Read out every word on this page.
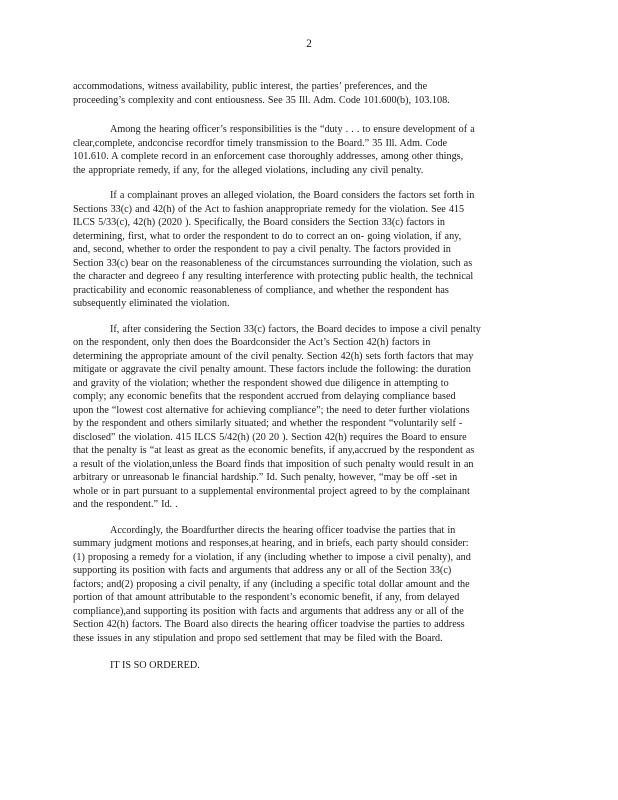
2

accommodations, witness availability, public interest, the parties’ preferences, and the
proceeding’s complexity and cont entiousness. See 35 Ill. Adm. Code 101.600(b), 103.108.

Among the hearing officer’s responsibilities is the “duty . . . to ensure development of a
clear,complete, andconcise recordfor timely transmission to the Board.” 35 Ill. Adm. Code
101.610. A complete record in an enforcement case thoroughly addresses, among other things,
the appropriate remedy, if any, for the alleged violations, including any civil penalty.

If a complainant proves an alleged violation, the Board considers the factors set forth in
Sections 33(c) and 42(h) of the Act to fashion anappropriate remedy for the violation. See 415
ILCS 5/33(c), 42(h) (2020 ). Specifically, the Board considers the Section 33(c) factors in
determining, first, what to order the respondent to do to correct an on- going violation, if any,
and, second, whether to order the respondent to pay a civil penalty. The factors provided in
Section 33(c) bear on the reasonableness of the circumstances surrounding the violation, such as
the character and degreeo f any resulting interference with protecting public health, the technical
practicability and economic reasonableness of compliance, and whether the respondent has
subsequently eliminated the violation.

If, after considering the Section 33(c) factors, the Board decides to impose a civil penalty
on the respondent, only then does the Boardconsider the Act’s Section 42(h) factors in
determining the appropriate amount of the civil penalty. Section 42(h) sets forth factors that may
mitigate or aggravate the civil penalty amount. These factors include the following: the duration
and gravity of the violation; whether the respondent showed due diligence in attempting to
comply; any economic benefits that the respondent accrued from delaying compliance based
upon the “lowest cost alternative for achieving compliance”; the need to deter further violations
by the respondent and others similarly situated; and whether the respondent “voluntarily self -
disclosed” the violation. 415 ILCS 5/42(h) (20 20 ). Section 42(h) requires the Board to ensure
that the penalty is “at least as great as the economic benefits, if any,accrued by the respondent as
a result of the violation,unless the Board finds that imposition of such penalty would result in an
arbitrary or unreasonab le financial hardship.” Id. Such penalty, however, “may be off -set in
whole or in part pursuant to a supplemental environmental project agreed to by the complainant
and the respondent.” Id. .

Accordingly, the Boardfurther directs the hearing officer toadvise the parties that in
summary judgment motions and responses,at hearing, and in briefs, each party should consider:
(1) proposing a remedy for a violation, if any (including whether to impose a civil penalty), and
supporting its position with facts and arguments that address any or all of the Section 33(c)
factors; and(2) proposing a civil penalty, if any (including a specific total dollar amount and the
portion of that amount attributable to the respondent’s economic benefit, if any, from delayed
compliance),and supporting its position with facts and arguments that address any or all of the
Section 42(h) factors. The Board also directs the hearing officer toadvise the parties to address
these issues in any stipulation and propo sed settlement that may be filed with the Board.

IT IS SO ORDERED.
